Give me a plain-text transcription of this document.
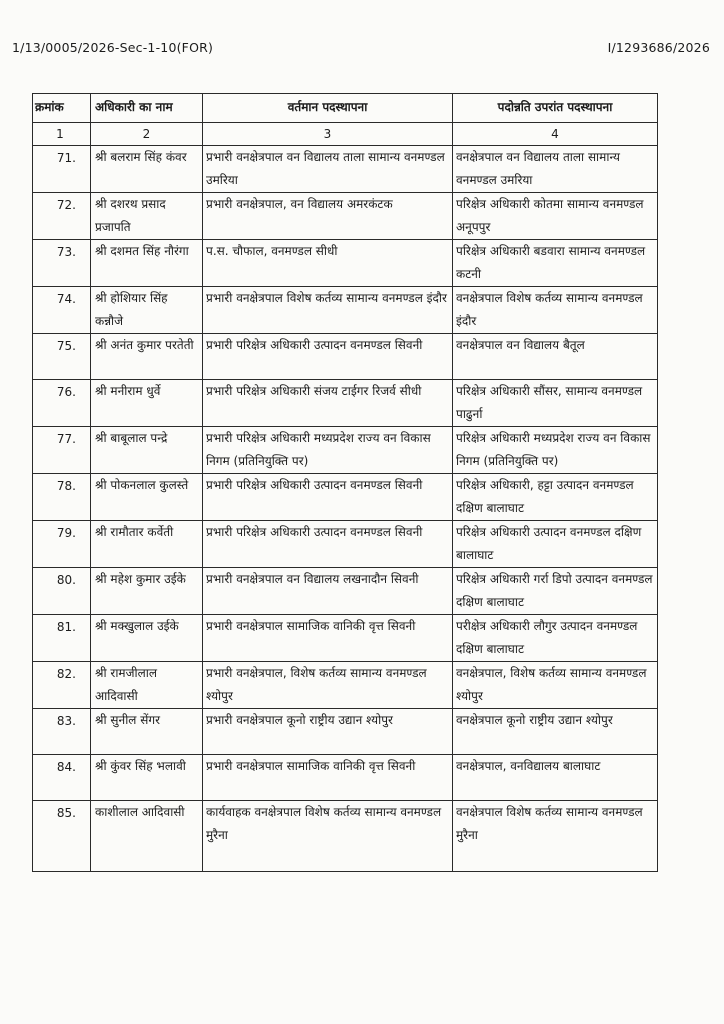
1/13/0005/2026-Sec-1-10(FOR)	I/1293686/2026
क्रमांक	अधिकारी का नाम	वर्तमान पदस्थापना	पदोन्नति उपरांत पदस्थापना
1	2	3	4
71.	श्री बलराम सिंह कंवर	प्रभारी वनक्षेत्रपाल वन विद्यालय ताला सामान्य वनमण्डल उमरिया	वनक्षेत्रपाल वन विद्यालय ताला सामान्य वनमण्डल उमरिया
72.	श्री दशरथ प्रसाद प्रजापति	प्रभारी वनक्षेत्रपाल, वन विद्यालय अमरकंटक	परिक्षेत्र अधिकारी कोतमा सामान्य वनमण्डल अनूपपुर
73.	श्री दशमत सिंह नौरंगा	प.स. चौफाल, वनमण्डल सीधी	परिक्षेत्र अधिकारी बडवारा सामान्य वनमण्डल कटनी
74.	श्री होशियार सिंह कन्नौजे	प्रभारी वनक्षेत्रपाल विशेष कर्तव्य सामान्य वनमण्डल इंदौर	वनक्षेत्रपाल विशेष कर्तव्य सामान्य वनमण्डल इंदौर
75.	श्री अनंत कुमार परतेती	प्रभारी परिक्षेत्र अधिकारी उत्पादन वनमण्डल सिवनी	वनक्षेत्रपाल वन विद्यालय बैतूल
76.	श्री मनीराम धुर्वे	प्रभारी परिक्षेत्र अधिकारी संजय टाईगर रिजर्व सीधी	परिक्षेत्र अधिकारी सौंसर, सामान्य वनमण्डल पाढुर्ना
77.	श्री बाबूलाल पन्द्रे	प्रभारी परिक्षेत्र अधिकारी मध्यप्रदेश राज्य वन विकास निगम (प्रतिनियुक्ति पर)	परिक्षेत्र अधिकारी मध्यप्रदेश राज्य वन विकास निगम (प्रतिनियुक्ति पर)
78.	श्री पोकनलाल कुलस्ते	प्रभारी परिक्षेत्र अधिकारी उत्पादन वनमण्डल सिवनी	परिक्षेत्र अधिकारी, हट्टा उत्पादन वनमण्डल दक्षिण बालाघाट
79.	श्री रामौतार कर्वेती	प्रभारी परिक्षेत्र अधिकारी उत्पादन वनमण्डल सिवनी	परिक्षेत्र अधिकारी उत्पादन वनमण्डल दक्षिण बालाघाट
80.	श्री महेश कुमार उईके	प्रभारी वनक्षेत्रपाल वन विद्यालय लखनादौन सिवनी	परिक्षेत्र अधिकारी गर्रा डिपो उत्पादन वनमण्डल दक्षिण बालाघाट
81.	श्री मक्खुलाल उईके	प्रभारी वनक्षेत्रपाल सामाजिक वानिकी वृत्त सिवनी	परीक्षेत्र अधिकारी लौगुर उत्पादन वनमण्डल दक्षिण बालाघाट
82.	श्री रामजीलाल आदिवासी	प्रभारी वनक्षेत्रपाल, विशेष कर्तव्य सामान्य वनमण्डल श्योपुर	वनक्षेत्रपाल, विशेष कर्तव्य सामान्य वनमण्डल श्योपुर
83.	श्री सुनील सेंगर	प्रभारी वनक्षेत्रपाल कूनो राष्ट्रीय उद्यान श्योपुर	वनक्षेत्रपाल कूनो राष्ट्रीय उद्यान श्योपुर
84.	श्री कुंवर सिंह भलावी	प्रभारी वनक्षेत्रपाल सामाजिक वानिकी वृत्त सिवनी	वनक्षेत्रपाल, वनविद्यालय बालाघाट
85.	काशीलाल आदिवासी	कार्यवाहक वनक्षेत्रपाल विशेष कर्तव्य सामान्य वनमण्डल मुरैना	वनक्षेत्रपाल विशेष कर्तव्य सामान्य वनमण्डल मुरैना
